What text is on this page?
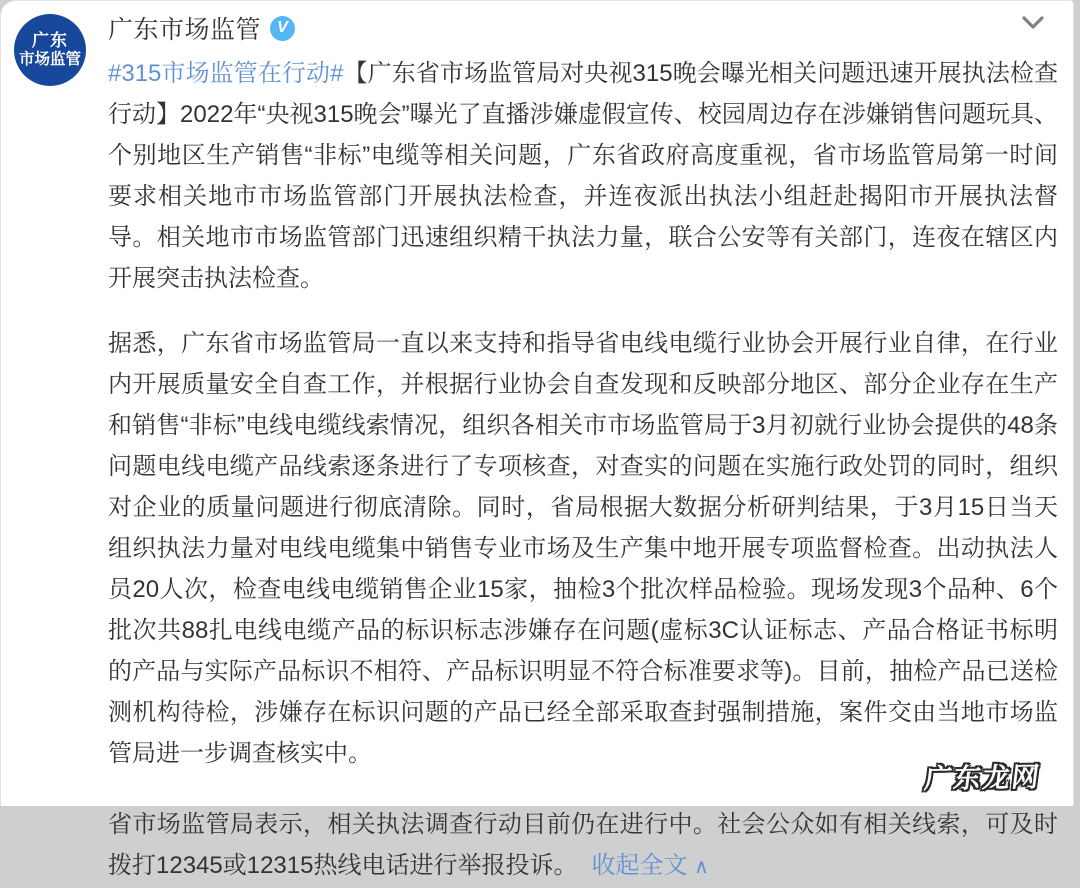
广东
市场监管
广东市场监管	V

#315市场监管在行动#【广东省市场监管局对央视315晚会曝光相关问题迅速开展执法检查行动】2022年“央视315晚会”曝光了直播涉嫌虚假宣传、校园周边存在涉嫌销售问题玩具、个别地区生产销售“非标”电缆等相关问题，广东省政府高度重视，省市场监管局第一时间要求相关地市市场监管部门开展执法检查，并连夜派出执法小组赶赴揭阳市开展执法督导。相关地市市场监管部门迅速组织精干执法力量，联合公安等有关部门，连夜在辖区内开展突击执法检查。

据悉，广东省市场监管局一直以来支持和指导省电线电缆行业协会开展行业自律，在行业内开展质量安全自查工作，并根据行业协会自查发现和反映部分地区、部分企业存在生产和销售“非标”电线电缆线索情况，组织各相关市市场监管局于3月初就行业协会提供的48条问题电线电缆产品线索逐条进行了专项核查，对查实的问题在实施行政处罚的同时，组织对企业的质量问题进行彻底清除。同时，省局根据大数据分析研判结果，于3月15日当天组织执法力量对电线电缆集中销售专业市场及生产集中地开展专项监督检查。出动执法人员20人次，检查电线电缆销售企业15家，抽检3个批次样品检验。现场发现3个品种、6个批次共88扎电线电缆产品的标识标志涉嫌存在问题(虚标3C认证标志、产品合格证书标明的产品与实际产品标识不相符、产品标识明显不符合标准要求等)。目前，抽检产品已送检测机构待检，涉嫌存在标识问题的产品已经全部采取查封强制措施，案件交由当地市场监管局进一步调查核实中。

省市场监管局表示，相关执法调查行动目前仍在进行中。社会公众如有相关线索，可及时拨打12345或12315热线电话进行举报投诉。 收起全文 ∧

广东龙网
